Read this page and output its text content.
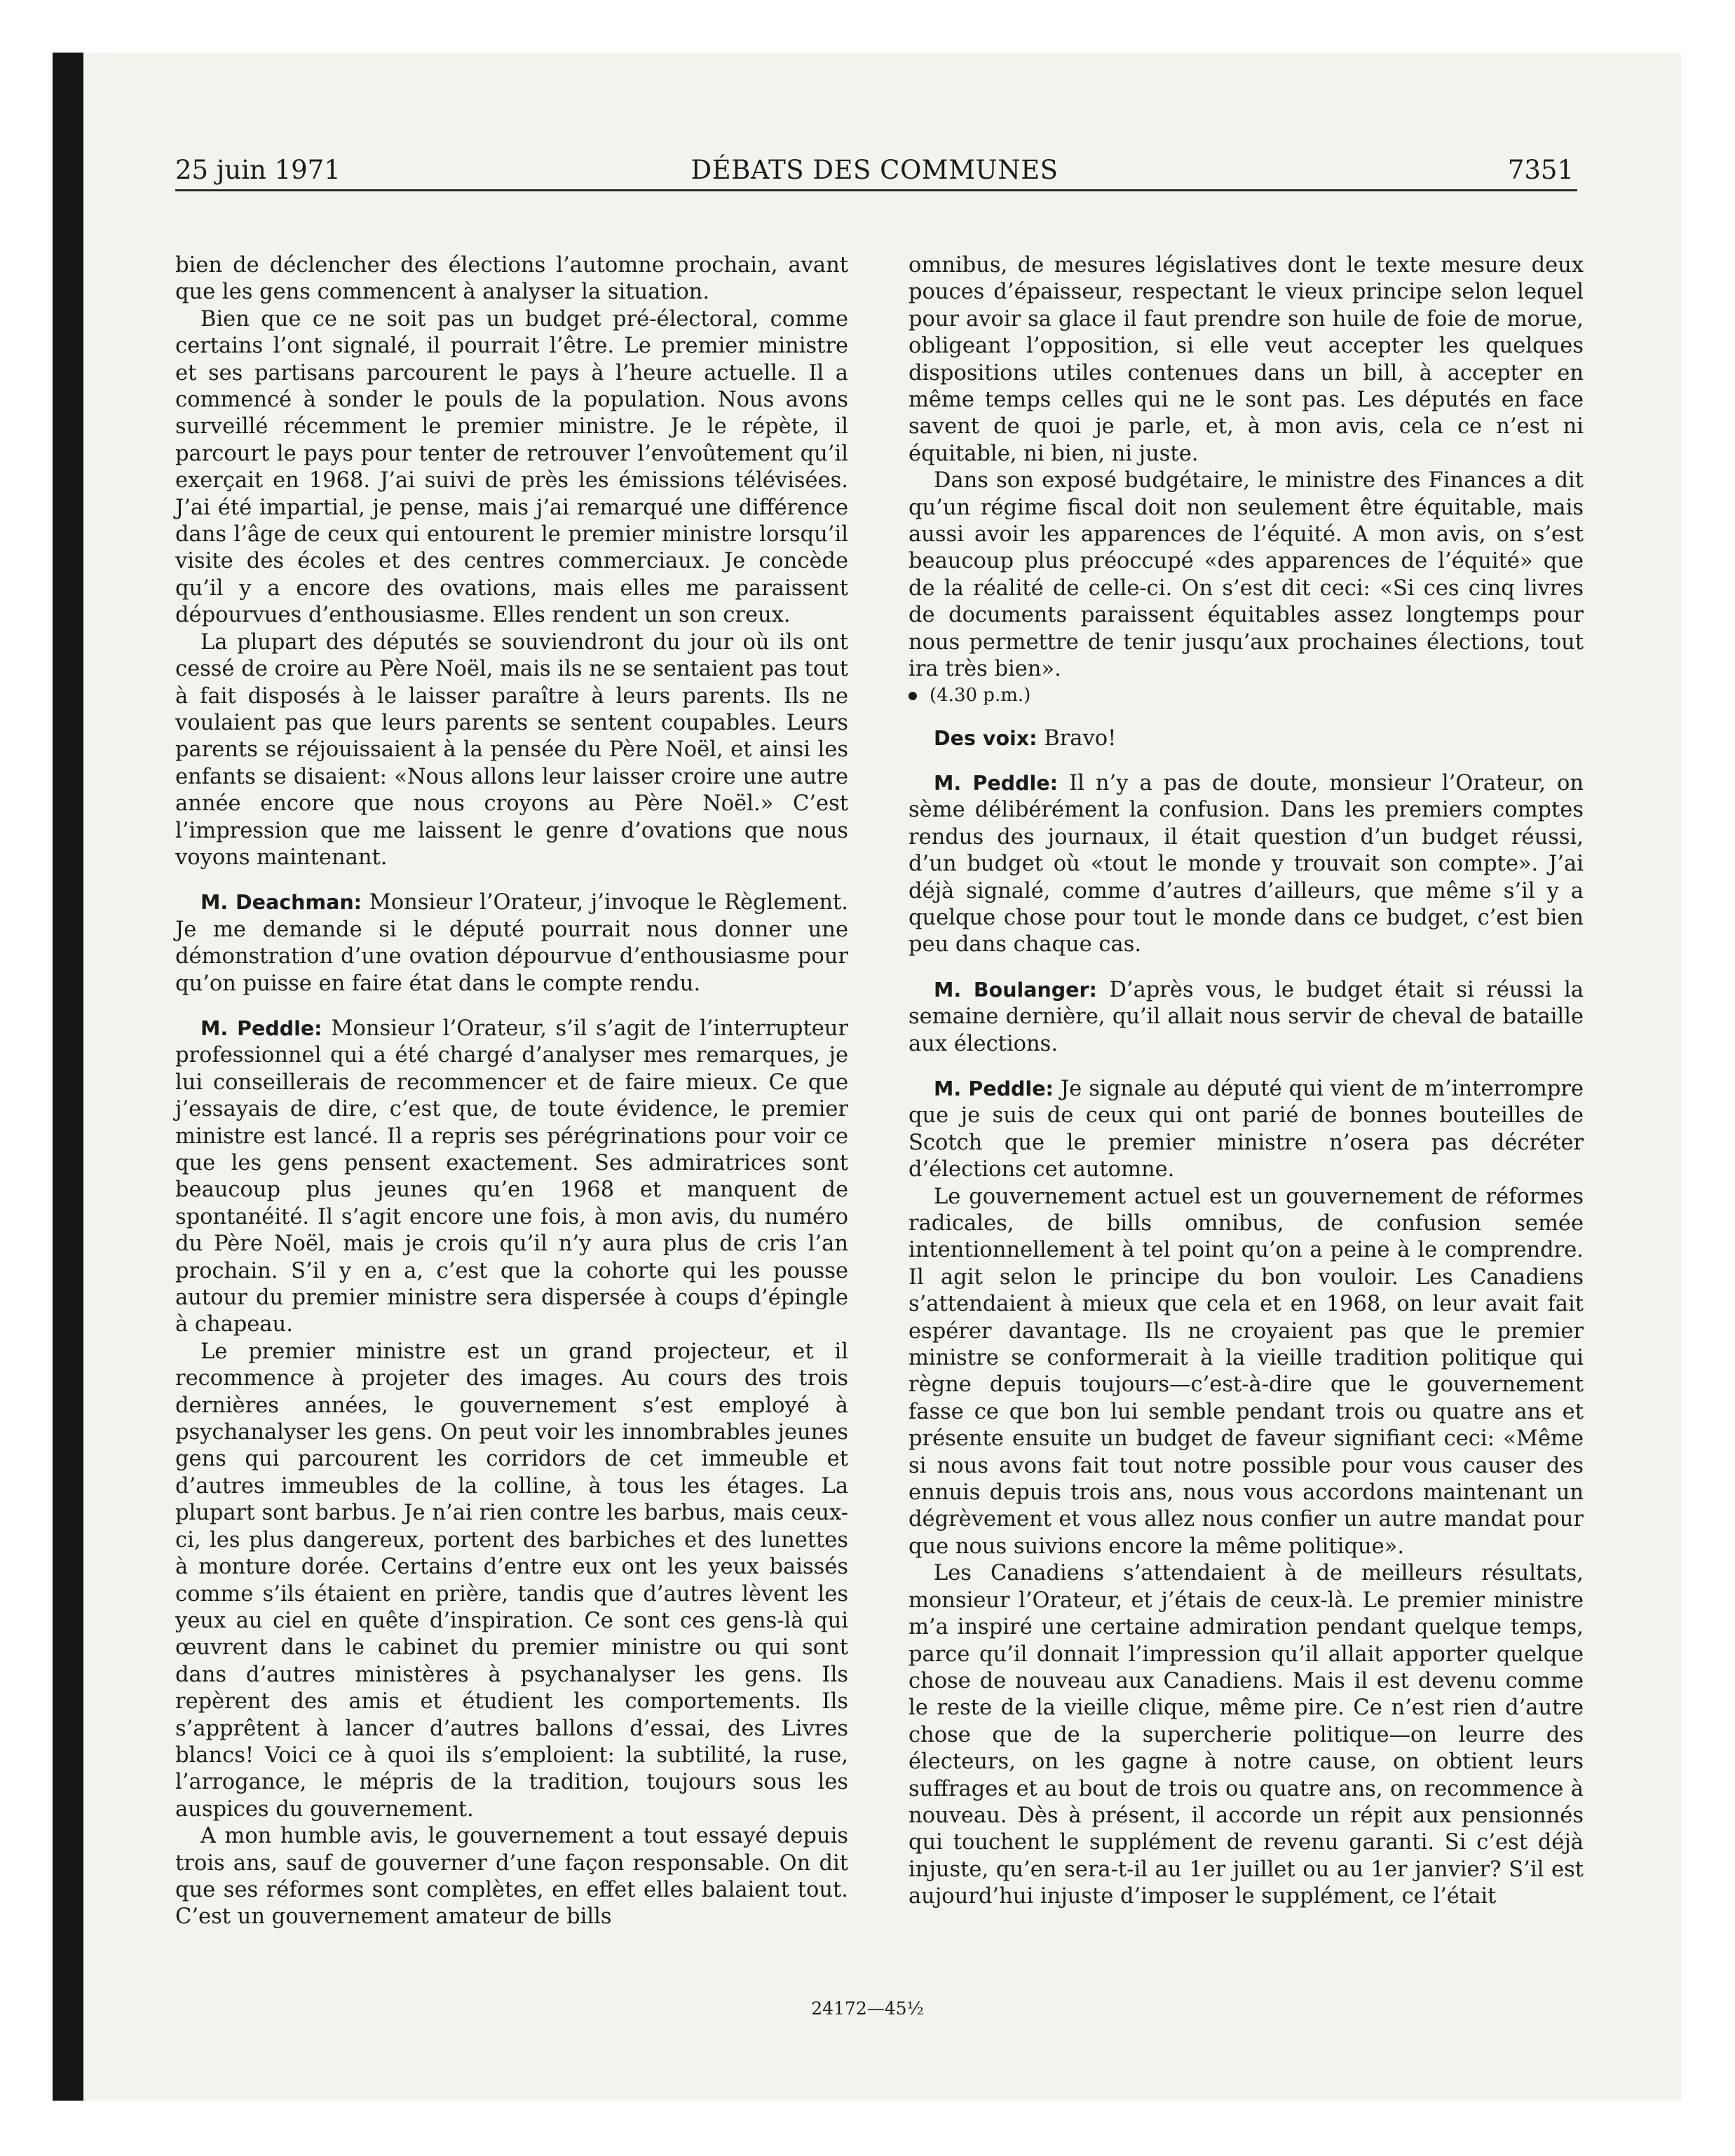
25 juin 1971	DÉBATS DES COMMUNES	7351

bien de déclencher des élections l’automne prochain, avant que les gens commencent à analyser la situation.

Bien que ce ne soit pas un budget pré-électoral, comme certains l’ont signalé, il pourrait l’être. Le premier ministre et ses partisans parcourent le pays à l’heure actuelle. Il a commencé à sonder le pouls de la population. Nous avons surveillé récemment le premier ministre. Je le répète, il parcourt le pays pour tenter de retrouver l’envoûtement qu’il exerçait en 1968. J’ai suivi de près les émissions télévisées. J’ai été impartial, je pense, mais j’ai remarqué une différence dans l’âge de ceux qui entourent le premier ministre lorsqu’il visite des écoles et des centres commerciaux. Je concède qu’il y a encore des ovations, mais elles me paraissent dépourvues d’enthousiasme. Elles rendent un son creux.

La plupart des députés se souviendront du jour où ils ont cessé de croire au Père Noël, mais ils ne se sentaient pas tout à fait disposés à le laisser paraître à leurs parents. Ils ne voulaient pas que leurs parents se sentent coupables. Leurs parents se réjouissaient à la pensée du Père Noël, et ainsi les enfants se disaient: «Nous allons leur laisser croire une autre année encore que nous croyons au Père Noël.» C’est l’impression que me laissent le genre d’ovations que nous voyons maintenant.

M. Deachman: Monsieur l’Orateur, j’invoque le Règlement. Je me demande si le député pourrait nous donner une démonstration d’une ovation dépourvue d’enthousiasme pour qu’on puisse en faire état dans le compte rendu.

M. Peddle: Monsieur l’Orateur, s’il s’agit de l’interrupteur professionnel qui a été chargé d’analyser mes remarques, je lui conseillerais de recommencer et de faire mieux. Ce que j’essayais de dire, c’est que, de toute évidence, le premier ministre est lancé. Il a repris ses pérégrinations pour voir ce que les gens pensent exactement. Ses admiratrices sont beaucoup plus jeunes qu’en 1968 et manquent de spontanéité. Il s’agit encore une fois, à mon avis, du numéro du Père Noël, mais je crois qu’il n’y aura plus de cris l’an prochain. S’il y en a, c’est que la cohorte qui les pousse autour du premier ministre sera dispersée à coups d’épingle à chapeau.

Le premier ministre est un grand projecteur, et il recommence à projeter des images. Au cours des trois dernières années, le gouvernement s’est employé à psychanalyser les gens. On peut voir les innombrables jeunes gens qui parcourent les corridors de cet immeuble et d’autres immeubles de la colline, à tous les étages. La plupart sont barbus. Je n’ai rien contre les barbus, mais ceux-ci, les plus dangereux, portent des barbiches et des lunettes à monture dorée. Certains d’entre eux ont les yeux baissés comme s’ils étaient en prière, tandis que d’autres lèvent les yeux au ciel en quête d’inspiration. Ce sont ces gens-là qui œuvrent dans le cabinet du premier ministre ou qui sont dans d’autres ministères à psychanalyser les gens. Ils repèrent des amis et étudient les comportements. Ils s’apprêtent à lancer d’autres ballons d’essai, des Livres blancs! Voici ce à quoi ils s’emploient: la subtilité, la ruse, l’arrogance, le mépris de la tradition, toujours sous les auspices du gouvernement.

A mon humble avis, le gouvernement a tout essayé depuis trois ans, sauf de gouverner d’une façon responsable. On dit que ses réformes sont complètes, en effet elles balaient tout. C’est un gouvernement amateur de bills

omnibus, de mesures législatives dont le texte mesure deux pouces d’épaisseur, respectant le vieux principe selon lequel pour avoir sa glace il faut prendre son huile de foie de morue, obligeant l’opposition, si elle veut accepter les quelques dispositions utiles contenues dans un bill, à accepter en même temps celles qui ne le sont pas. Les députés en face savent de quoi je parle, et, à mon avis, cela ce n’est ni équitable, ni bien, ni juste.

Dans son exposé budgétaire, le ministre des Finances a dit qu’un régime fiscal doit non seulement être équitable, mais aussi avoir les apparences de l’équité. A mon avis, on s’est beaucoup plus préoccupé «des apparences de l’équité» que de la réalité de celle-ci. On s’est dit ceci: «Si ces cinq livres de documents paraissent équitables assez longtemps pour nous permettre de tenir jusqu’aux prochaines élections, tout ira très bien».

(4.30 p.m.)

Des voix: Bravo!

M. Peddle: Il n’y a pas de doute, monsieur l’Orateur, on sème délibérément la confusion. Dans les premiers comptes rendus des journaux, il était question d’un budget réussi, d’un budget où «tout le monde y trouvait son compte». J’ai déjà signalé, comme d’autres d’ailleurs, que même s’il y a quelque chose pour tout le monde dans ce budget, c’est bien peu dans chaque cas.

M. Boulanger: D’après vous, le budget était si réussi la semaine dernière, qu’il allait nous servir de cheval de bataille aux élections.

M. Peddle: Je signale au député qui vient de m’interrompre que je suis de ceux qui ont parié de bonnes bouteilles de Scotch que le premier ministre n’osera pas décréter d’élections cet automne.

Le gouvernement actuel est un gouvernement de réformes radicales, de bills omnibus, de confusion semée intentionnellement à tel point qu’on a peine à le comprendre. Il agit selon le principe du bon vouloir. Les Canadiens s’attendaient à mieux que cela et en 1968, on leur avait fait espérer davantage. Ils ne croyaient pas que le premier ministre se conformerait à la vieille tradition politique qui règne depuis toujours—c’est-à-dire que le gouvernement fasse ce que bon lui semble pendant trois ou quatre ans et présente ensuite un budget de faveur signifiant ceci: «Même si nous avons fait tout notre possible pour vous causer des ennuis depuis trois ans, nous vous accordons maintenant un dégrèvement et vous allez nous confier un autre mandat pour que nous suivions encore la même politique».

Les Canadiens s’attendaient à de meilleurs résultats, monsieur l’Orateur, et j’étais de ceux-là. Le premier ministre m’a inspiré une certaine admiration pendant quelque temps, parce qu’il donnait l’impression qu’il allait apporter quelque chose de nouveau aux Canadiens. Mais il est devenu comme le reste de la vieille clique, même pire. Ce n’est rien d’autre chose que de la supercherie politique—on leurre des électeurs, on les gagne à notre cause, on obtient leurs suffrages et au bout de trois ou quatre ans, on recommence à nouveau. Dès à présent, il accorde un répit aux pensionnés qui touchent le supplément de revenu garanti. Si c’est déjà injuste, qu’en sera-t-il au 1er juillet ou au 1er janvier? S’il est aujourd’hui injuste d’imposer le supplément, ce l’était

24172—45½
